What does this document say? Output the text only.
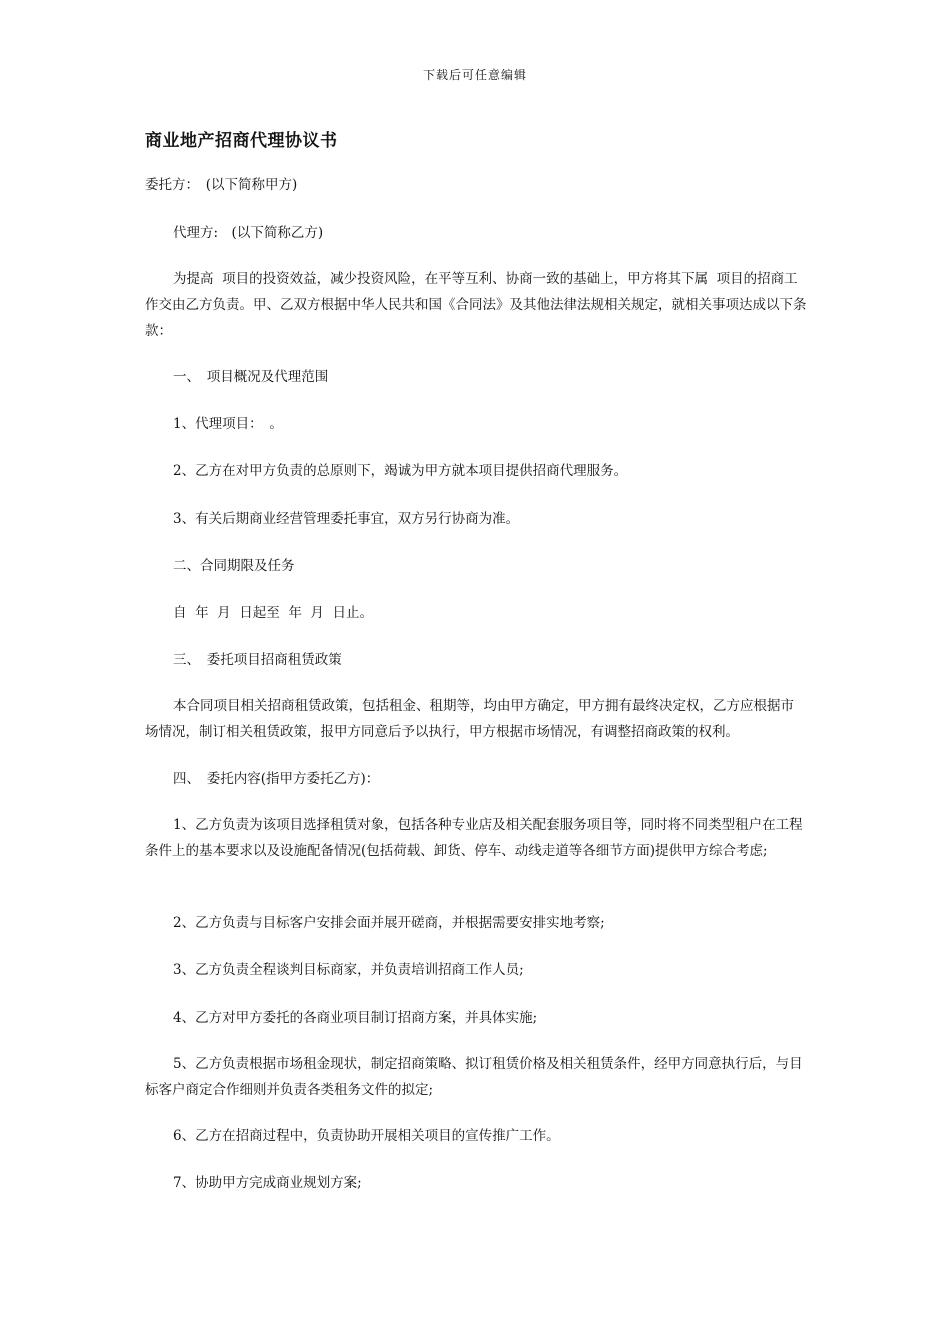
下载后可任意编辑
商业地产招商代理协议书

委托方：　(以下简称甲方)

代理方:　(以下简称乙方)

为提高  项目的投资效益，减少投资风险，在平等互利、协商一致的基础上，甲方将其下属  项目的招商工作交由乙方负责。甲、乙双方根据中华人民共和国《合同法》及其他法律法规相关规定，就相关事项达成以下条款：

一、　项目概况及代理范围

1、代理项目：　。

2、乙方在对甲方负责的总原则下，竭诚为甲方就本项目提供招商代理服务。

3、有关后期商业经营管理委托事宜，双方另行协商为准。

二、合同期限及任务

自  年  月  日起至  年  月  日止。

三、　委托项目招商租赁政策

本合同项目相关招商租赁政策，包括租金、租期等，均由甲方确定，甲方拥有最终决定权，乙方应根据市场情况，制订相关租赁政策，报甲方同意后予以执行，甲方根据市场情况，有调整招商政策的权利。

四、　委托内容(指甲方委托乙方)：

1、乙方负责为该项目选择租赁对象，包括各种专业店及相关配套服务项目等，同时将不同类型租户在工程条件上的基本要求以及设施配备情况(包括荷载、卸货、停车、动线走道等各细节方面)提供甲方综合考虑;

2、乙方负责与目标客户安排会面并展开磋商，并根据需要安排实地考察;

3、乙方负责全程谈判目标商家，并负责培训招商工作人员;

4、乙方对甲方委托的各商业项目制订招商方案，并具体实施;

5、乙方负责根据市场租金现状，制定招商策略、拟订租赁价格及相关租赁条件，经甲方同意执行后，与目标客户商定合作细则并负责各类租务文件的拟定;

6、乙方在招商过程中，负责协助开展相关项目的宣传推广工作。

7、协助甲方完成商业规划方案;
